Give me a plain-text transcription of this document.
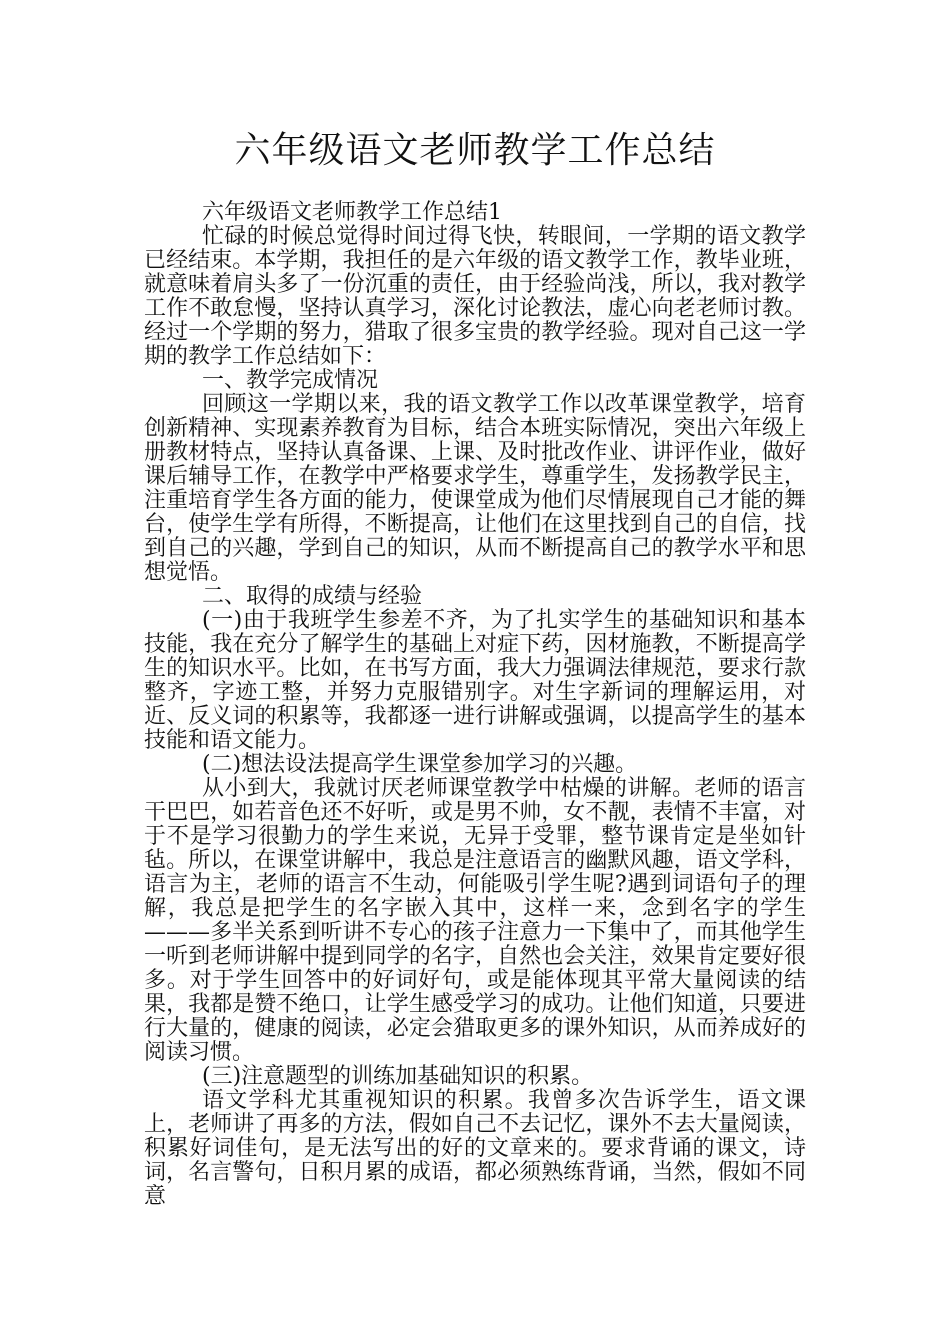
六年级语文老师教学工作总结

六年级语文老师教学工作总结1

忙碌的时候总觉得时间过得飞快，转眼间，一学期的语文教学已经结束。本学期，我担任的是六年级的语文教学工作，教毕业班，就意味着肩头多了一份沉重的责任，由于经验尚浅，所以，我对教学工作不敢怠慢，坚持认真学习，深化讨论教法，虚心向老老师讨教。经过一个学期的努力，猎取了很多宝贵的教学经验。现对自己这一学期的教学工作总结如下：

一、教学完成情况

回顾这一学期以来，我的语文教学工作以改革课堂教学，培育创新精神、实现素养教育为目标，结合本班实际情况，突出六年级上册教材特点，坚持认真备课、上课、及时批改作业、讲评作业，做好课后辅导工作，在教学中严格要求学生，尊重学生，发扬教学民主，注重培育学生各方面的能力，使课堂成为他们尽情展现自己才能的舞台，使学生学有所得，不断提高，让他们在这里找到自己的自信，找到自己的兴趣，学到自己的知识，从而不断提高自己的教学水平和思想觉悟。

二、取得的成绩与经验

(一)由于我班学生参差不齐，为了扎实学生的基础知识和基本技能，我在充分了解学生的基础上对症下药，因材施教，不断提高学生的知识水平。比如，在书写方面，我大力强调法律规范，要求行款整齐，字迹工整，并努力克服错别字。对生字新词的理解运用，对近、反义词的积累等，我都逐一进行讲解或强调，以提高学生的基本技能和语文能力。

(二)想法设法提高学生课堂参加学习的兴趣。

从小到大，我就讨厌老师课堂教学中枯燥的讲解。老师的语言干巴巴，如若音色还不好听，或是男不帅，女不靓，表情不丰富，对于不是学习很勤力的学生来说，无异于受罪，整节课肯定是坐如针毡。所以，在课堂讲解中，我总是注意语言的幽默风趣，语文学科，语言为主，老师的语言不生动，何能吸引学生呢?遇到词语句子的理解，我总是把学生的名字嵌入其中，这样一来，念到名字的学生———多半关系到听讲不专心的孩子注意力一下集中了，而其他学生一听到老师讲解中提到同学的名字，自然也会关注，效果肯定要好很多。对于学生回答中的好词好句，或是能体现其平常大量阅读的结果，我都是赞不绝口，让学生感受学习的成功。让他们知道，只要进行大量的，健康的阅读，必定会猎取更多的课外知识，从而养成好的阅读习惯。

(三)注意题型的训练加基础知识的积累。

语文学科尤其重视知识的积累。我曾多次告诉学生，语文课上，老师讲了再多的方法，假如自己不去记忆，课外不去大量阅读，积累好词佳句，是无法写出的好的文章来的。要求背诵的课文，诗词，名言警句，日积月累的成语，都必须熟练背诵，当然，假如不同意
